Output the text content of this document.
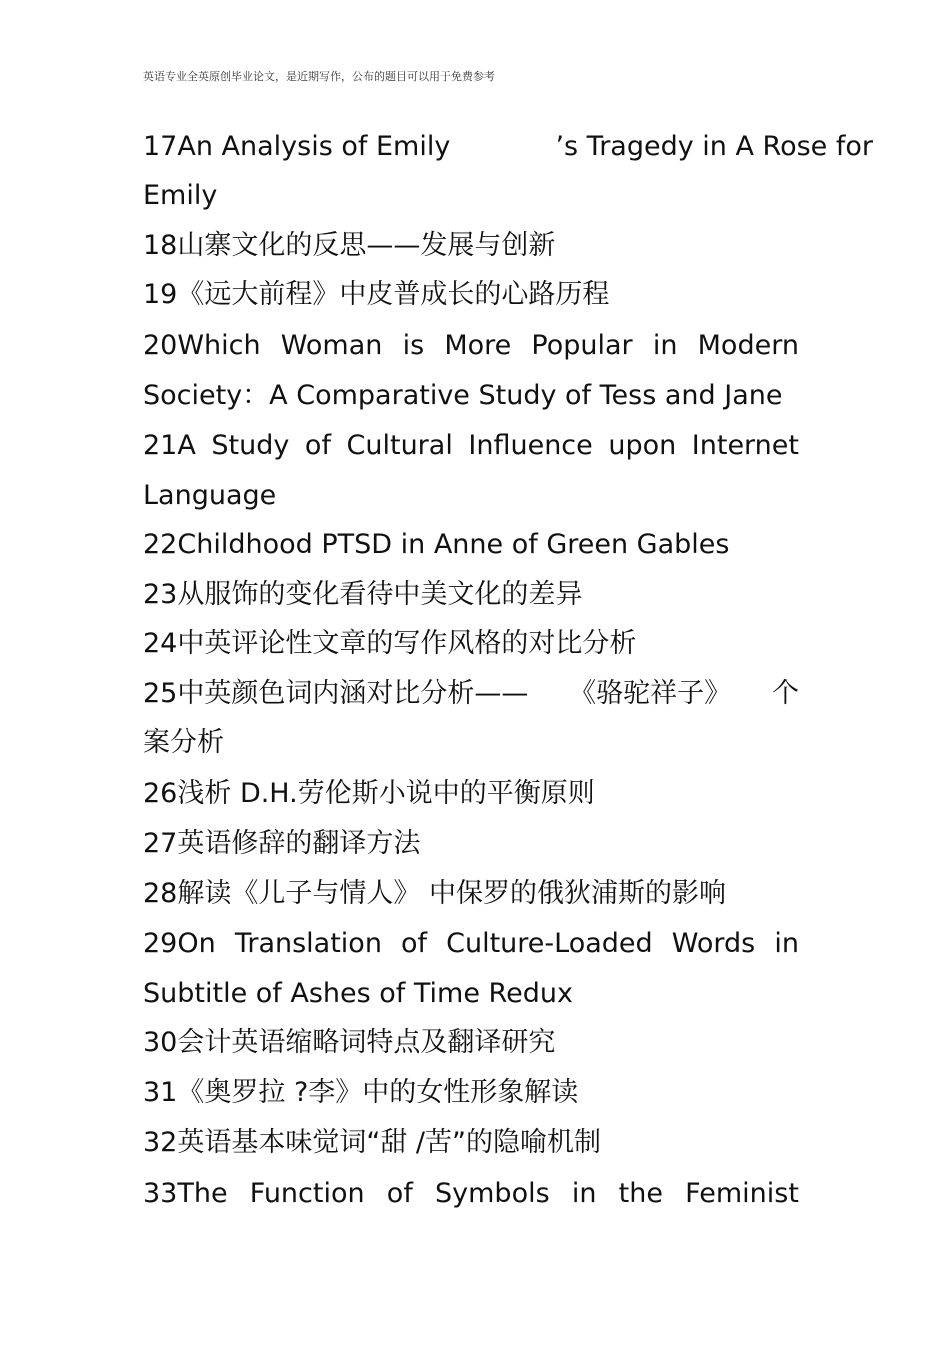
英语专业全英原创毕业论文，是近期写作，公布的题目可以用于免费参考
17An Analysis of Emily	’s Tragedy in A Rose for
Emily
18山寨文化的反思——发展与创新
19《远大前程》中皮普成长的心路历程
20Which Woman is More Popular in Modern
Society：A Comparative Study of Tess and Jane
21A Study of Cultural Influence upon Internet
Language
22Childhood PTSD in Anne of Green Gables
23从服饰的变化看待中美文化的差异
24中英评论性文章的写作风格的对比分析
25中英颜色词内涵对比分析—— 《骆驼祥子》 个
案分析
26浅析 D.H.劳伦斯小说中的平衡原则
27英语修辞的翻译方法
28解读《儿子与情人》 中保罗的俄狄浦斯的影响
29On Translation of Culture-Loaded Words in
Subtitle of Ashes of Time Redux
30会计英语缩略词特点及翻译研究
31《奥罗拉 ?李》中的女性形象解读
32英语基本味觉词“甜 /苦”的隐喻机制
33The Function of Symbols in the Feminist
